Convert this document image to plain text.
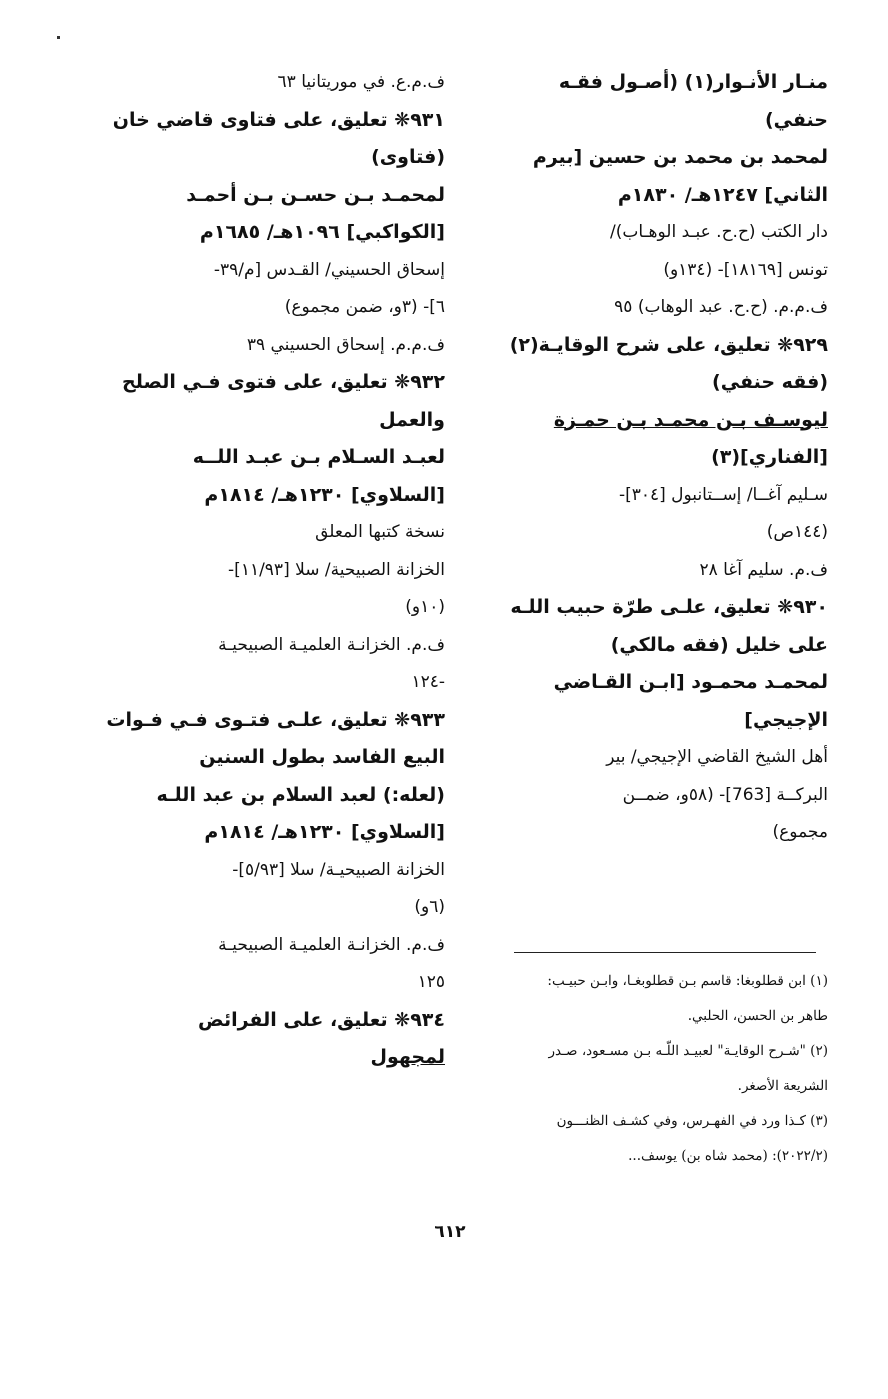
منـار الأنـوار(١) (أصـول فقـه
حنفي)
لمحمد بن محمد بن حسين [بيرم
الثاني] ١٢٤٧هـ/ ١٨٣٠م
دار الكتب (ح.ح. عبـد الوهـاب)/
تونس [١٨١٦٩]- (١٣٤و)
ف.م.م. (ح.ح. عبد الوهاب) ٩٥
٩٢٩❋ تعليق، على شرح الوقايـة(٢)
(فقه حنفي)
ليوسـف بـن محمـد بـن حمـزة
[الفناري](٣)
سـليم آغــا/ إســتانبول [٣٠٤]-
(١٤٤ص)
ف.م. سليم آغا ٢٨
٩٣٠❋ تعليق، علـى طرّة حبيب اللـه
على خليل (فقه مالكي)
لمحمـد محمـود [ابـن القـاضي
الإجيجي]
أهل الشيخ القاضي الإجيجي/ بير
البركــة [763]- (٥٨و، ضمــن
مجموع)
ف.م.ع. في موريتانيا ٦٣
٩٣١❋ تعليق، على فتاوى قاضي خان
(فتاوى)
لمحمـد بـن حسـن بـن أحمـد
[الكواكبي] ١٠٩٦هـ/ ١٦٨٥م
إسحاق الحسيني/ القـدس [م/٣٩-
٦]- (٣و، ضمن مجموع)
ف.م.م. إسحاق الحسيني ٣٩
٩٣٢❋ تعليق، على فتوى فـي الصلح
والعمل
لعبـد السـلام بـن عبـد اللــه
[السلاوي] ١٢٣٠هـ/ ١٨١٤م
نسخة كتبها المعلق
الخزانة الصبيحية/ سلا [١١/٩٣]-
(١٠و)
ف.م. الخزانـة العلميـة الصبيحيـة
-١٢٤
٩٣٣❋ تعليق، علـى فتـوى فـي فـوات
البيع الفاسد بطول السنين
(لعله:) لعبد السلام بن عبد اللـه
[السلاوي] ١٢٣٠هـ/ ١٨١٤م
الخزانة الصبيحيـة/ سلا [٥/٩٣]-
(٦و)
ف.م. الخزانـة العلميـة الصبيحيـة
١٢٥
٩٣٤❋ تعليق، على الفرائض
لمجهول
(١) ابن قطلوبغا: قاسم بـن قطلوبغـا، وابـن حبيـب:
طاهر بن الحسن، الحلبي.
(٢) "شـرح الوقايـة" لعبيـد اللّـه بـن مسـعود، صـدر
الشريعة الأصغر.
(٣) كـذا ورد في الفهـرس، وفي كشـف الظنـــون
(٢٠٢٢/٢): (محمد شاه بن) يوسف...
٦١٢
